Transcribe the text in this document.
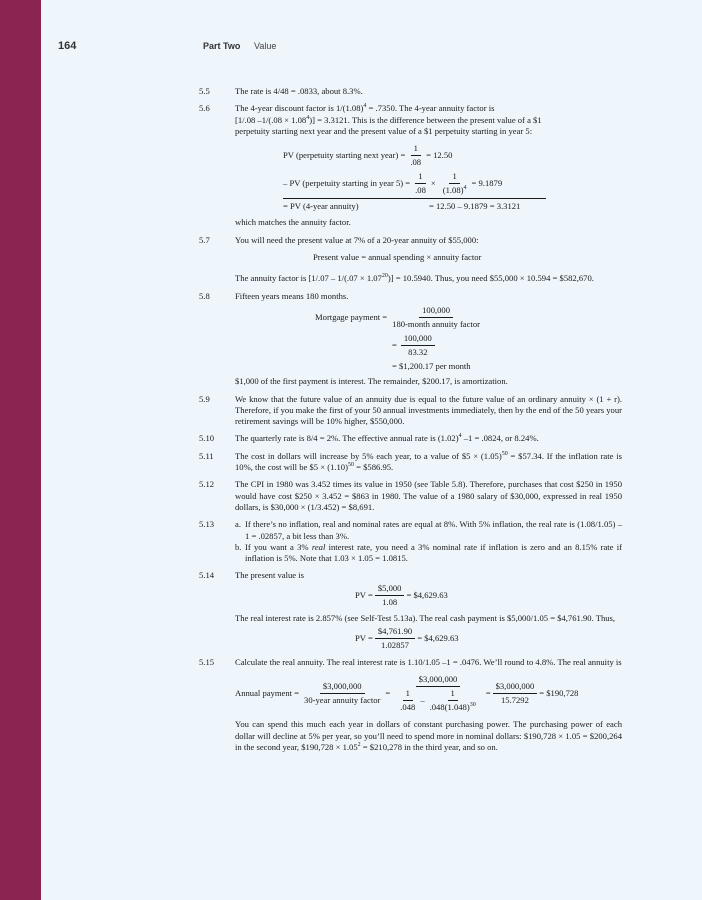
164	Part Two Value
5.5	The rate is 4/48 = .0833, about 8.3%.
5.6	The 4-year discount factor is $1/(1.08)^4 = .7350$. The 4-year annuity factor is
[1/.08 $-1/(.08 \times 1.08^4)] = 3.3121$. This is the difference between the present value of a $1
perpetuity starting next year and the present value of a $1 perpetuity starting in year 5:
PV (perpetuity starting next year) = $\frac{1}{.08} = 12.50$
– PV (perpetuity starting in year $5) = \frac{1}{.08} \times \frac{1}{(1.08)^4} = 9.1879$
= PV (4-year annuity)	= 12.50 – 9.1879 = 3.3121
which matches the annuity factor.
5.7	You will need the present value at 7% of a 20-year annuity of $55,000:
Present value = annual spending × annuity factor
The annuity factor is $[1/.07 - 1/(.07 \times 1.07^{20})] = 10.5940$. Thus, you need $55,000 × 10.594 = $582,670.
5.8	Fifteen years means 180 months.
Mortgage payment = $\frac{100,000}{\text{180-month annuity factor}}$
= $\frac{100,000}{83.32}$
= $1,200.17 per month
$1,000 of the first payment is interest. The remainder, $200.17, is amortization.
5.9	We know that the future value of an annuity due is equal to the future value of an ordinary annuity × (1 + r). Therefore, if you make the first of your 50 annual investments immediately, then by the end of the 50 years your retirement savings will be 10% higher, $550,000.
5.10 The quarterly rate is 8/4 = 2%. The effective annual rate is $(1.02)^4$ –1 = .0824, or 8.24%.
5.11 The cost in dollars will increase by 5% each year, to a value of $5 × $(1.05)^{50}$ = $57.34. If the inflation rate is 10%, the cost will be $5 × $(1.10)^{50}$ = $586.95.
5.12 The CPI in 1980 was 3.452 times its value in 1950 (see Table 5.8). Therefore, purchases that cost $250 in 1950 would have cost $250 × 3.452 = $863 in 1980. The value of a 1980 salary of $30,000, expressed in real 1950 dollars, is $30,000 × (1/3.452) = $8,691.
5.13 a. If there’s no inflation, real and nominal rates are equal at 8%. With 5% inflation, the real rate is (1.08/1.05) – 1 = .02857, a bit less than 3%.
b. If you want a 3% real interest rate, you need a 3% nominal rate if inflation is zero and an 8.15% rate if inflation is 5%. Note that 1.03 × 1.05 = 1.0815.
5.14 The present value is
PV = $\frac{\$5,000}{1.08}$ = $4,629.63
The real interest rate is 2.857% (see Self-Test 5.13a). The real cash payment is $5,000/1.05 = $4,761.90. Thus,
PV = $\frac{\$4,761.90}{1.02857}$ = $4,629.63
5.15 Calculate the real annuity. The real interest rate is 1.10/1.05 –1 = .0476. We’ll round to 4.8%. The real annuity is
Annual payment = $\frac{\$3,000,000}{\text{30-year annuity factor}} = \frac{\$3,000,000}{\frac{1}{.048} - \frac{1}{.048(1.048)^{30}}} = \frac{\$3,000,000}{15.7292}$ = $190,728
You can spend this much each year in dollars of constant purchasing power. The purchasing power of each dollar will decline at 5% per year, so you’ll need to spend more in nominal dollars: $190,728 × 1.05 = $200,264 in the second year, $190,728 × $1.05^2$ = $210,278 in the third year, and so on.
